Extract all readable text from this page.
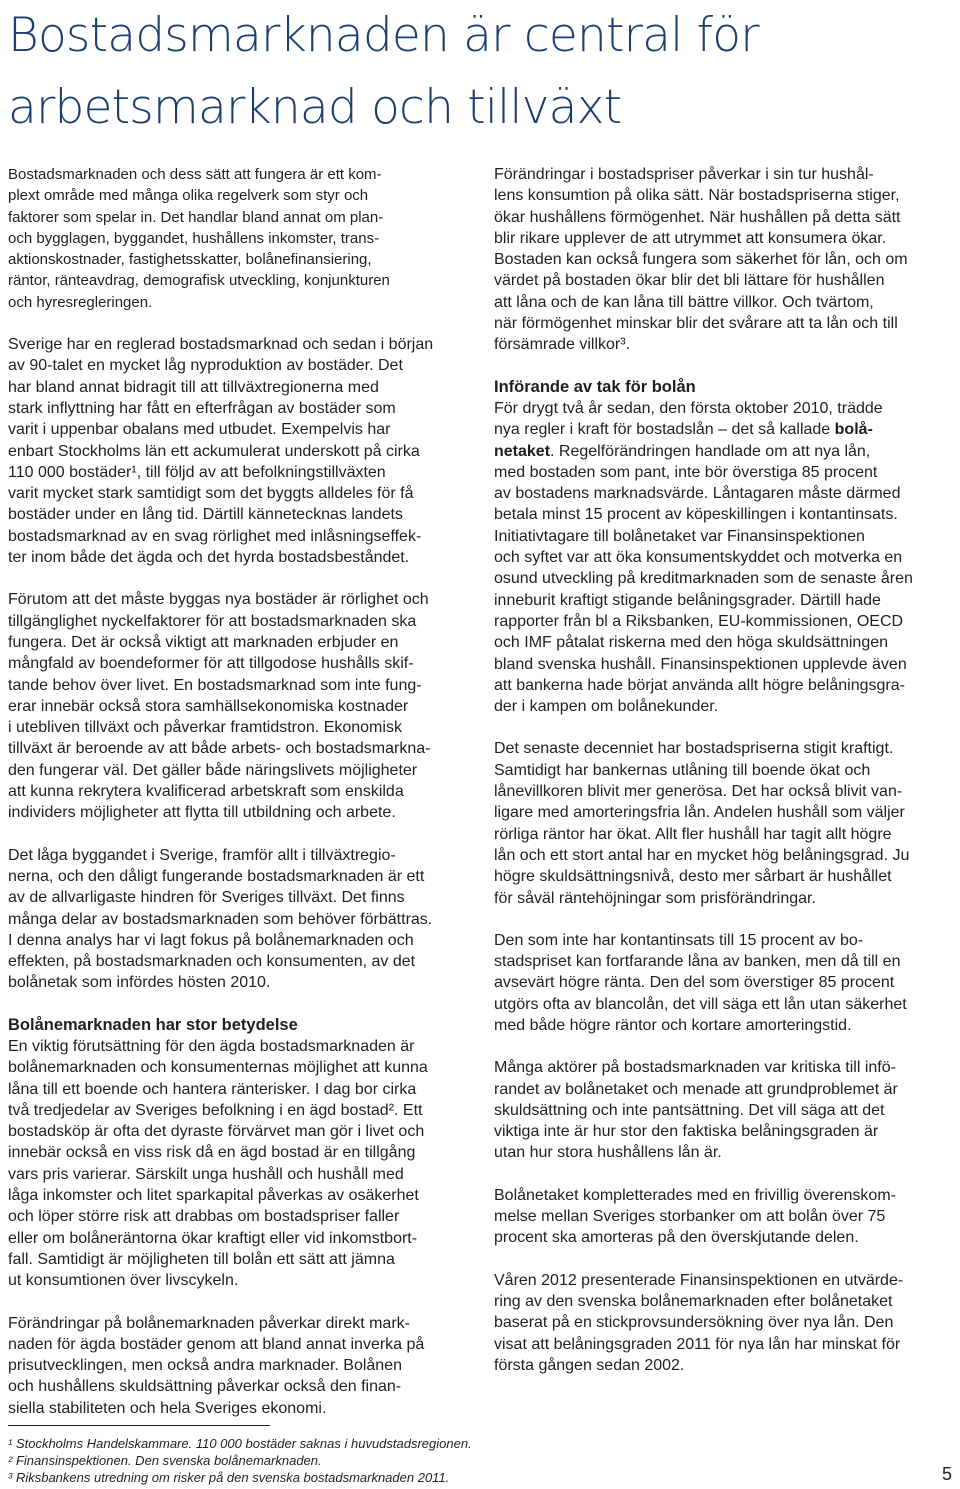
Bostadsmarknaden är central för
arbetsmarknad och tillväxt
Bostadsmarknaden och dess sätt att fungera är ett kom-
plext område med många olika regelverk som styr och
faktorer som spelar in. Det handlar bland annat om plan-
och bygglagen, byggandet, hushållens inkomster, trans-
aktionskostnader, fastighetsskatter, bolånefinansiering,
räntor, ränteavdrag, demografisk utveckling, konjunkturen
och hyresregleringen.
Sverige har en reglerad bostadsmarknad och sedan i början
av 90-talet en mycket låg nyproduktion av bostäder. Det
har bland annat bidragit till att tillväxtregionerna med
stark inflyttning har fått en efterfrågan av bostäder som
varit i uppenbar obalans med utbudet. Exempelvis har
enbart Stockholms län ett ackumulerat underskott på cirka
110 000 bostäder¹, till följd av att befolkningstillväxten
varit mycket stark samtidigt som det byggts alldeles för få
bostäder under en lång tid. Därtill kännetecknas landets
bostadsmarknad av en svag rörlighet med inlåsningseffek-
ter inom både det ägda och det hyrda bostadsbeståndet.
Förutom att det måste byggas nya bostäder är rörlighet och
tillgänglighet nyckelfaktorer för att bostadsmarknaden ska
fungera. Det är också viktigt att marknaden erbjuder en
mångfald av boendeformer för att tillgodose hushålls skif-
tande behov över livet. En bostadsmarknad som inte fung-
erar innebär också stora samhällsekonomiska kostnader
i utebliven tillväxt och påverkar framtidstron. Ekonomisk
tillväxt är beroende av att både arbets- och bostadsmarkna-
den fungerar väl. Det gäller både näringslivets möjligheter
att kunna rekrytera kvalificerad arbetskraft som enskilda
individers möjligheter att flytta till utbildning och arbete.
Det låga byggandet i Sverige, framför allt i tillväxtregio-
nerna, och den dåligt fungerande bostadsmarknaden är ett
av de allvarligaste hindren för Sveriges tillväxt. Det finns
många delar av bostadsmarknaden som behöver förbättras.
I denna analys har vi lagt fokus på bolånemarknaden och
effekten, på bostadsmarknaden och konsumenten, av det
bolånetak som infördes hösten 2010.
Bolånemarknaden har stor betydelse
En viktig förutsättning för den ägda bostadsmarknaden är
bolånemarknaden och konsumenternas möjlighet att kunna
låna till ett boende och hantera ränterisker. I dag bor cirka
två tredjedelar av Sveriges befolkning i en ägd bostad². Ett
bostadsköp är ofta det dyraste förvärvet man gör i livet och
innebär också en viss risk då en ägd bostad är en tillgång
vars pris varierar. Särskilt unga hushåll och hushåll med
låga inkomster och litet sparkapital påverkas av osäkerhet
och löper större risk att drabbas om bostadspriser faller
eller om bolåneräntorna ökar kraftigt eller vid inkomstbort-
fall. Samtidigt är möjligheten till bolån ett sätt att jämna
ut konsumtionen över livscykeln.
Förändringar på bolånemarknaden påverkar direkt mark-
naden för ägda bostäder genom att bland annat inverka på
prisutvecklingen, men också andra marknader. Bolånen
och hushållens skuldsättning påverkar också den finan-
siella stabiliteten och hela Sveriges ekonomi.
Förändringar i bostadspriser påverkar i sin tur hushål-
lens konsumtion på olika sätt. När bostadspriserna stiger,
ökar hushållens förmögenhet. När hushållen på detta sätt
blir rikare upplever de att utrymmet att konsumera ökar.
Bostaden kan också fungera som säkerhet för lån, och om
värdet på bostaden ökar blir det bli lättare för hushållen
att låna och de kan låna till bättre villkor. Och tvärtom,
när förmögenhet minskar blir det svårare att ta lån och till
försämrade villkor³.
Införande av tak för bolån
För drygt två år sedan, den första oktober 2010, trädde
nya regler i kraft för bostadslån – det så kallade bolå-
netaket. Regelförändringen handlade om att nya lån,
med bostaden som pant, inte bör överstiga 85 procent
av bostadens marknadsvärde. Låntagaren måste därmed
betala minst 15 procent av köpeskillingen i kontantinsats.
Initiativtagare till bolånetaket var Finansinspektionen
och syftet var att öka konsumentskyddet och motverka en
osund utveckling på kreditmarknaden som de senaste åren
inneburit kraftigt stigande belåningsgrader. Därtill hade
rapporter från bl a Riksbanken, EU-kommissionen, OECD
och IMF påtalat riskerna med den höga skuldsättningen
bland svenska hushåll. Finansinspektionen upplevde även
att bankerna hade börjat använda allt högre belåningsgra-
der i kampen om bolånekunder.
Det senaste decenniet har bostadspriserna stigit kraftigt.
Samtidigt har bankernas utlåning till boende ökat och
lånevillkoren blivit mer generösa. Det har också blivit van-
ligare med amorteringsfria lån. Andelen hushåll som väljer
rörliga räntor har ökat. Allt fler hushåll har tagit allt högre
lån och ett stort antal har en mycket hög belåningsgrad. Ju
högre skuldsättningsnivå, desto mer sårbart är hushållet
för såväl räntehöjningar som prisförändringar.
Den som inte har kontantinsats till 15 procent av bo-
stadspriset kan fortfarande låna av banken, men då till en
avsevärt högre ränta. Den del som överstiger 85 procent
utgörs ofta av blancolån, det vill säga ett lån utan säkerhet
med både högre räntor och kortare amorteringstid.
Många aktörer på bostadsmarknaden var kritiska till infö-
randet av bolånetaket och menade att grundproblemet är
skuldsättning och inte pantsättning. Det vill säga att det
viktiga inte är hur stor den faktiska belåningsgraden är
utan hur stora hushållens lån är.
Bolånetaket kompletterades med en frivillig överenskom-
melse mellan Sveriges storbanker om att bolån över 75
procent ska amorteras på den överskjutande delen.
Våren 2012 presenterade Finansinspektionen en utvärde-
ring av den svenska bolånemarknaden efter bolånetaket
baserat på en stickprovsundersökning över nya lån. Den
visat att belåningsgraden 2011 för nya lån har minskat för
första gången sedan 2002.
¹ Stockholms Handelskammare. 110 000 bostäder saknas i huvudstadsregionen.
² Finansinspektionen. Den svenska bolånemarknaden.
³ Riksbankens utredning om risker på den svenska bostadsmarknaden 2011.	5
